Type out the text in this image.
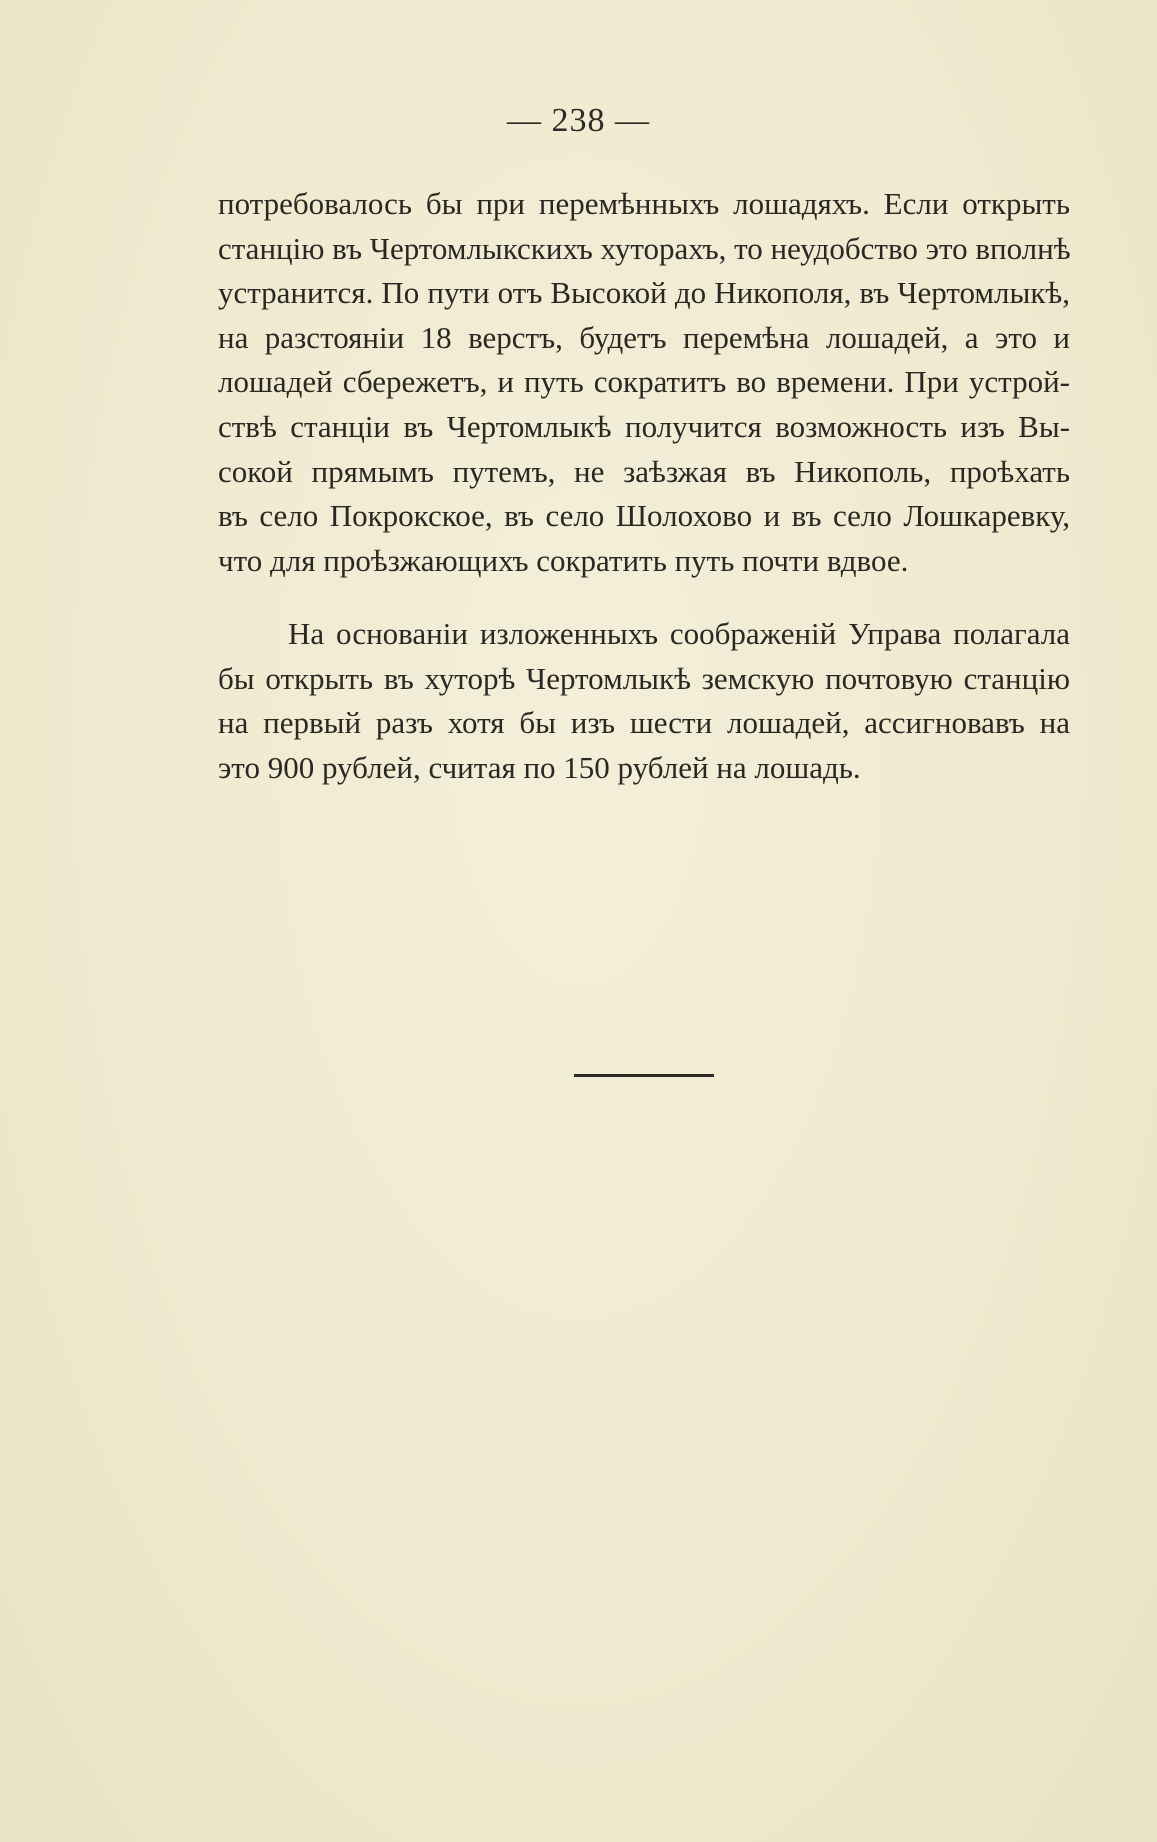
— 238 —
потребовалось бы при перемѣнныхъ лошадяхъ. Если открыть
станцію въ Чертомлыкскихъ хуторахъ, то неудобство это вполнѣ
устранится. По пути отъ Высокой до Никополя, въ Чертомлыкѣ,
на разстояніи 18 верстъ, будетъ перемѣна лошадей, а это и
лошадей сбережетъ, и путь сократитъ во времени. При устрой-
ствѣ станціи въ Чертомлыкѣ получится возможность изъ Вы-
сокой прямымъ путемъ, не заѣзжая въ Никополь, проѣхать
въ село Покрокское, въ село Шолохово и въ село Лошкаревку,
что для проѣзжающихъ сократить путь почти вдвое.
На основаніи изложенныхъ соображеній Управа полагала
бы открыть въ хуторѣ Чертомлыкѣ земскую почтовую станцію
на первый разъ хотя бы изъ шести лошадей, ассигновавъ на
это 900 рублей, считая по 150 рублей на лошадь.
